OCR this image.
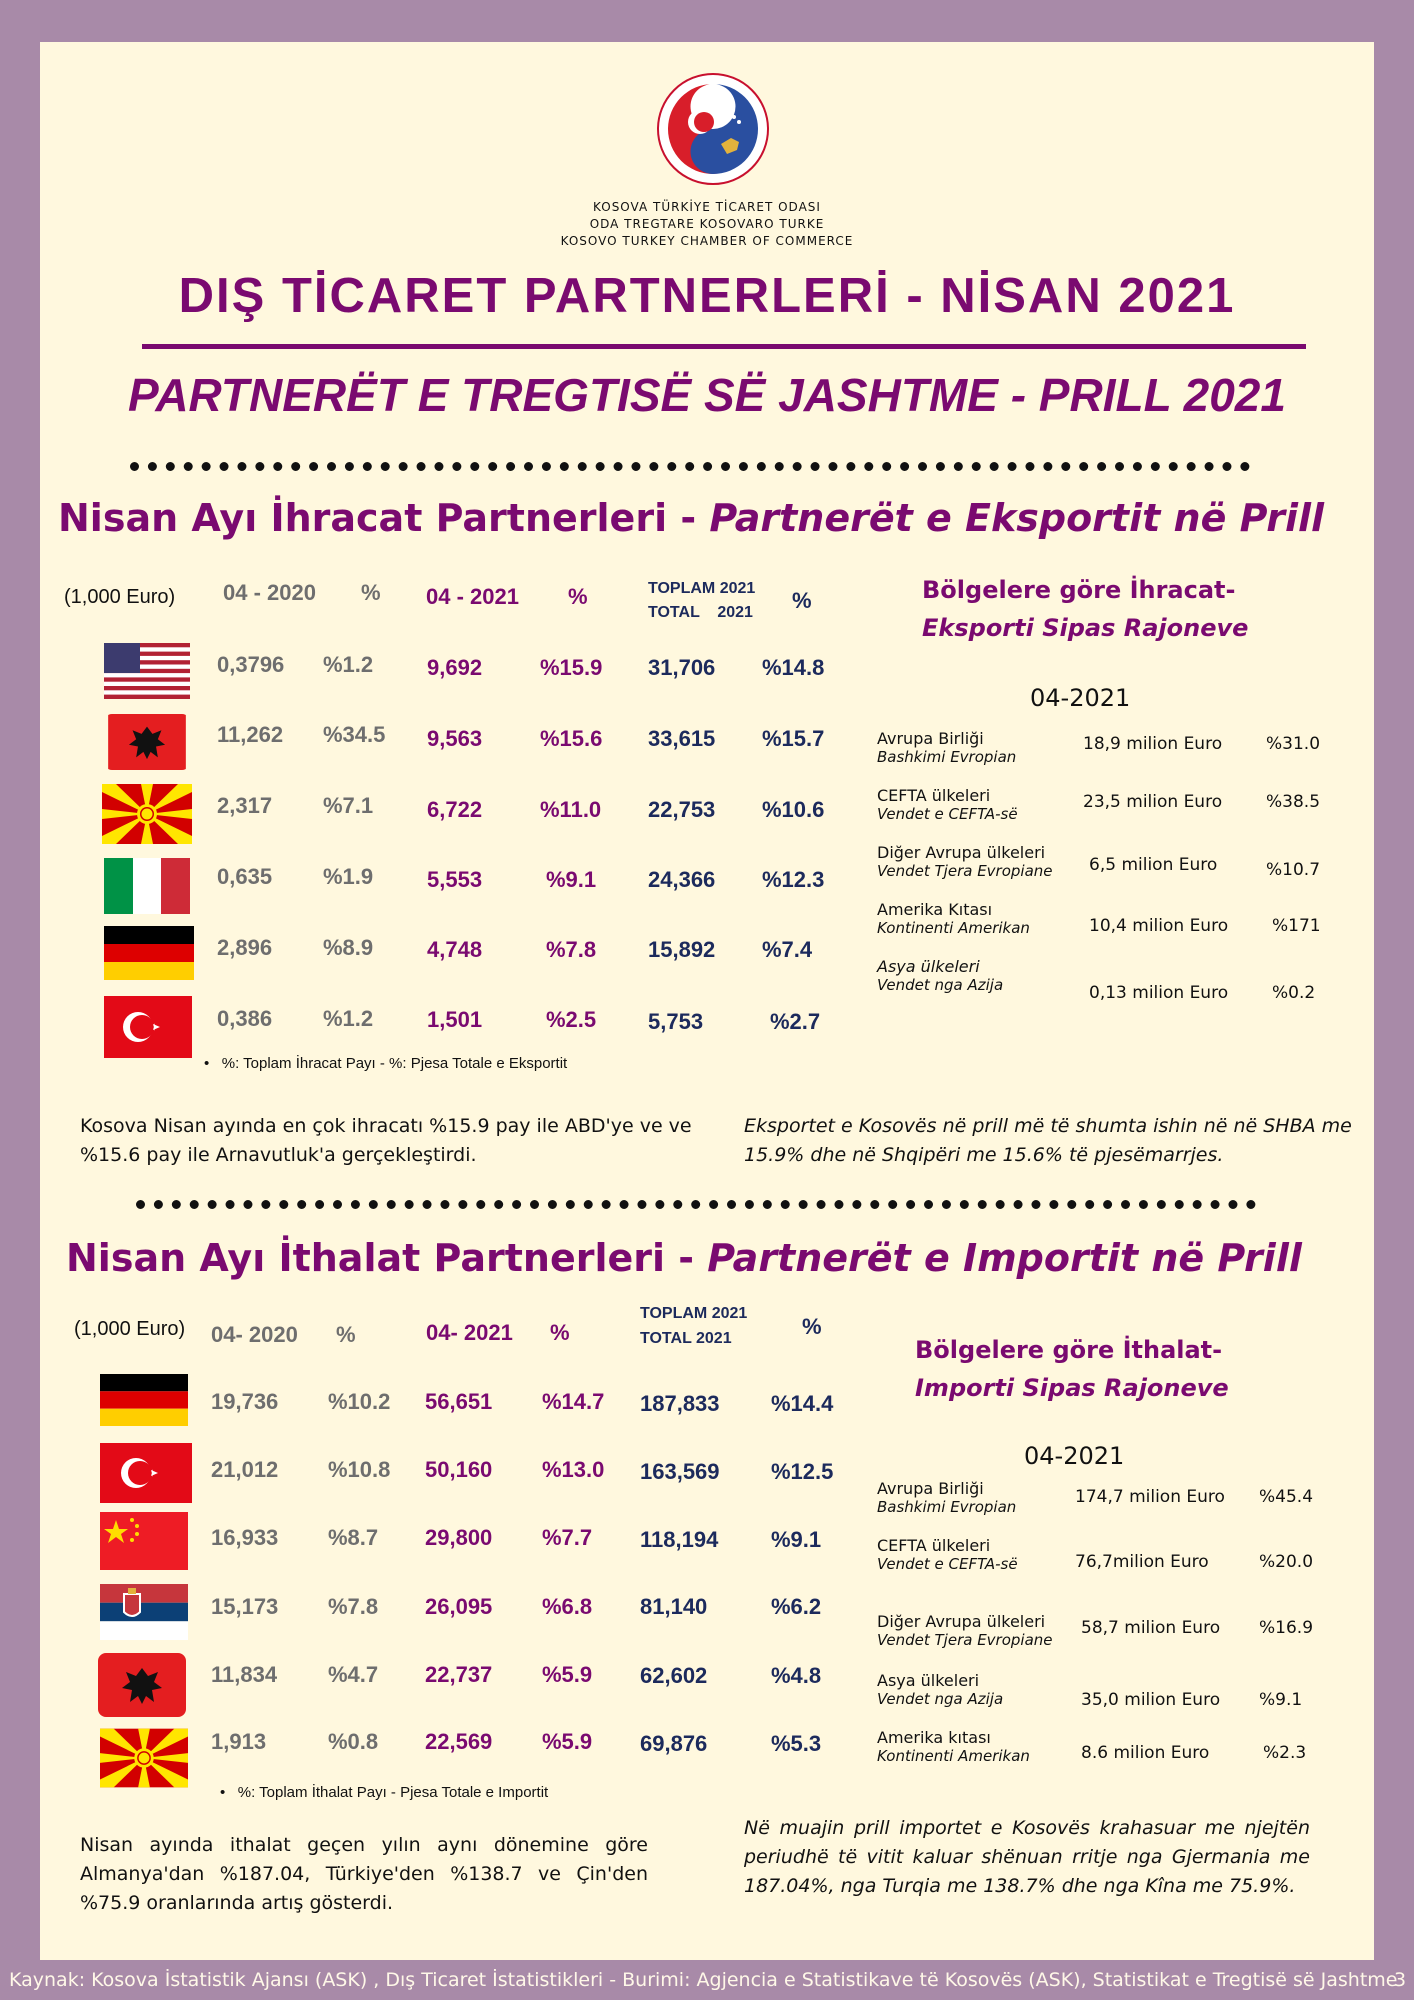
KOSOVA TÜRKİYE TİCARET ODASI
ODA TREGTARE KOSOVARO TURKE
KOSOVO TURKEY CHAMBER OF COMMERCE
DIŞ TİCARET PARTNERLERİ - NİSAN 2021
PARTNERËT E TREGTISË SË JASHTME - PRILL 2021
Nisan Ayı İhracat Partnerleri - Partnerët e Eksportit në Prill
(1,000 Euro) 04 - 2020 % 04 - 2021 %	TOPLAM 2021
TOTAL    2021 %
0,3796 %1.2 9,692	%15.9 31,706 %14.8
11,262 %34.5 9,563	%15.6 33,615 %15.7
2,317 %7.1 6,722	%11.0 22,753 %10.6
0,635 %1.9 5,553	%9.1 24,366 %12.3
2,896 %8.9 4,748	%7.8 15,892 %7.4
0,386 %1.2 1,501	%2.5 5,753	%2.7
•   %: Toplam İhracat Payı - %: Pjesa Totale e Eksportit
Bölgelere göre İhracat-
Eksporti Sipas Rajoneve
04-2021
Avrupa Birliği
Bashkimi Evropian
18,9 milion Euro	%31.0
CEFTA ülkeleri
Vendet e CEFTA-së
23,5 milion Euro	%38.5
Diğer Avrupa ülkeleri
Vendet Tjera Evropiane 6,5 milion Euro	%10.7
Amerika Kıtası
Kontinenti Amerikan	10,4 milion Euro	%171
Asya ülkeleri
Vendet nga Azija	0,13 milion Euro	%0.2
Kosova Nisan ayında en çok ihracatı %15.9 pay ile ABD'ye ve ve %15.6 pay ile Arnavutluk'a gerçekleştirdi.
Eksportet e Kosovës në prill më të shumta ishin në në SHBA me 15.9% dhe në Shqipëri me 15.6% të pjesëmarrjes.
Nisan Ayı İthalat Partnerleri - Partnerët e Importit në Prill
(1,000 Euro) 04- 2020 %	04- 2021 %
TOPLAM 2021
TOTAL 2021	%
19,736 %10.2 56,651 %14.7 187,833 %14.4
21,012 %10.8 50,160 %13.0 163,569 %12.5
16,933 %8.7 29,800 %7.7 118,194 %9.1
15,173 %7.8 26,095 %6.8 81,140	%6.2
11,834 %4.7 22,737 %5.9 62,602	%4.8
1,913	%0.8 22,569 %5.9 69,876	%5.3
•   %: Toplam İthalat Payı - Pjesa Totale e Importit
Bölgelere göre İthalat-
Importi Sipas Rajoneve
04-2021
Avrupa Birliği
Bashkimi Evropian	174,7 milion Euro %45.4
CEFTA ülkeleri
Vendet e CEFTA-së	76,7milion Euro	%20.0
Diğer Avrupa ülkeleri
Vendet Tjera Evropiane
58,7 milion Euro %16.9
Asya ülkeleri
Vendet nga Azija	35,0 milion Euro %9.1
Amerika kıtası
Kontinenti Amerikan	8.6 milion Euro	%2.3
Nisan ayında ithalat geçen yılın aynı dönemine göre Almanya'dan %187.04, Türkiye'den %138.7 ve Çin'den %75.9 oranlarında artış gösterdi.
Në muajin prill importet e Kosovës krahasuar me njejtën periudhë të vitit kaluar shënuan rritje nga Gjermania me 187.04%, nga Turqia me 138.7% dhe nga Kîna me 75.9%.
Kaynak: Kosova İstatistik Ajansı (ASK) , Dış Ticaret İstatistikleri - Burimi: Agjencia e Statistikave të Kosovës (ASK), Statistikat e Tregtisë së Jashtme
3
